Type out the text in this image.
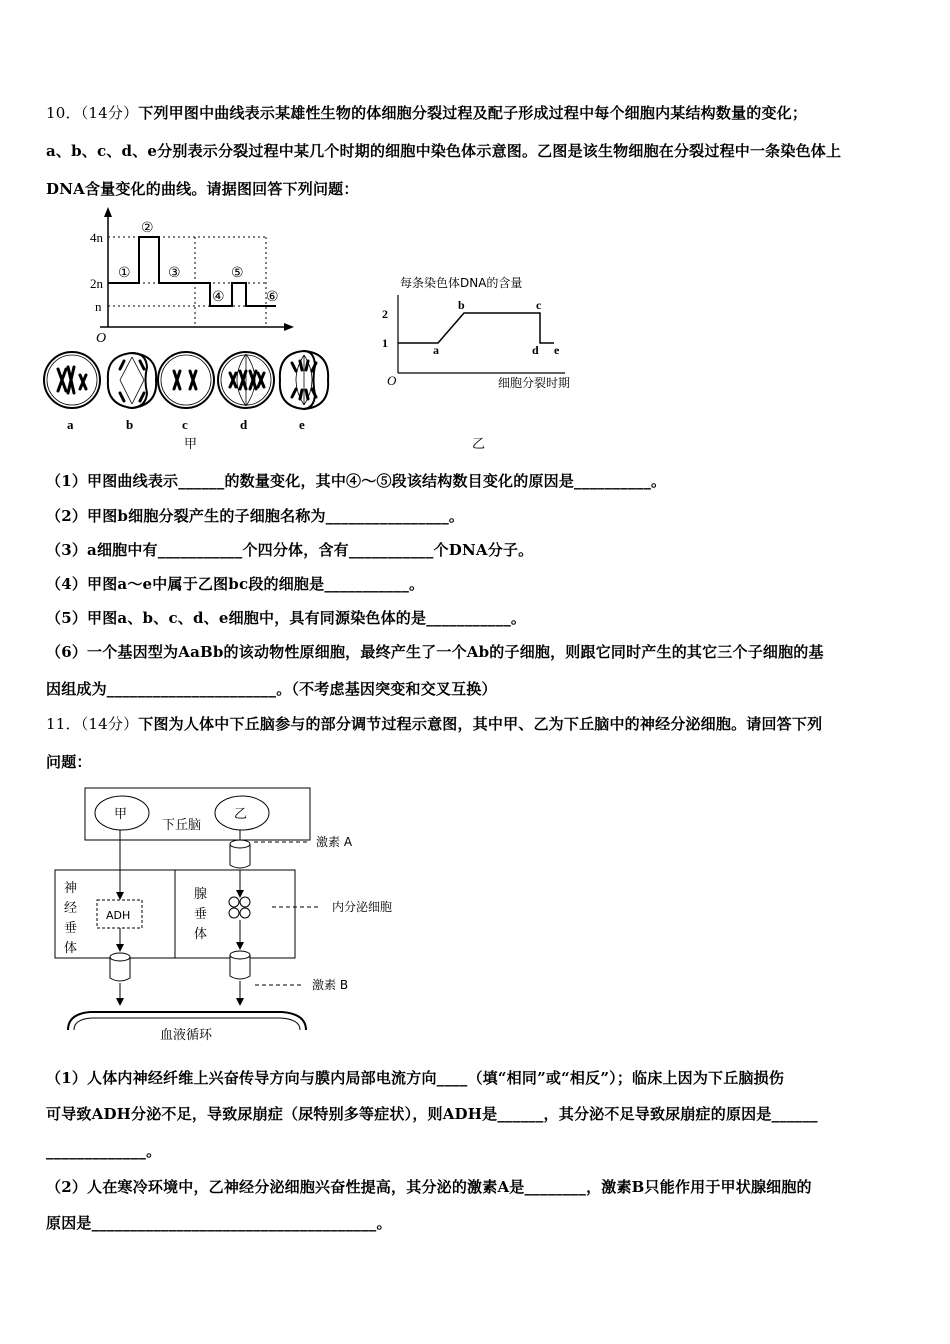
10．（14分）下列甲图中曲线表示某雄性生物的体细胞分裂过程及配子形成过程中每个细胞内某结构数量的变化；
a、b、c、d、e分别表示分裂过程中某几个时期的细胞中染色体示意图。乙图是该生物细胞在分裂过程中一条染色体上
DNA含量变化的曲线。请据图回答下列问题：
4n
2n
n
O
①
②
③
④
⑤
⑥
a	b	c	d	e
甲
每条染色体DNA的含量
2
1
O
a
b	c
d e
细胞分裂时期
乙
（1）甲图曲线表示______的数量变化，其中④～⑤段该结构数目变化的原因是__________。
（2）甲图b细胞分裂产生的子细胞名称为________________。
（3）a细胞中有___________个四分体，含有___________个DNA分子。
（4）甲图a～e中属于乙图bc段的细胞是___________。
（5）甲图a、b、c、d、e细胞中，具有同源染色体的是___________。
（6）一个基因型为AaBb的该动物性原细胞，最终产生了一个Ab的子细胞，则跟它同时产生的其它三个子细胞的基
因组成为______________________。（不考虑基因突变和交叉互换）
11．（14分）下图为人体中下丘脑参与的部分调节过程示意图，其中甲、乙为下丘脑中的神经分泌细胞。请回答下列
问题：
甲
下丘脑
乙
神
经
垂
体
ADH
腺
垂
体
激素 A
内分泌细胞
激素 B
血液循环
（1）人体内神经纤维上兴奋传导方向与膜内局部电流方向____（填“相同”或“相反”）；临床上因为下丘脑损伤
可导致ADH分泌不足，导致尿崩症（尿特别多等症状），则ADH是______，其分泌不足导致尿崩症的原因是______
_____________。
（2）人在寒冷环境中，乙神经分泌细胞兴奋性提高，其分泌的激素A是________，激素B只能作用于甲状腺细胞的
原因是_____________________________________。
